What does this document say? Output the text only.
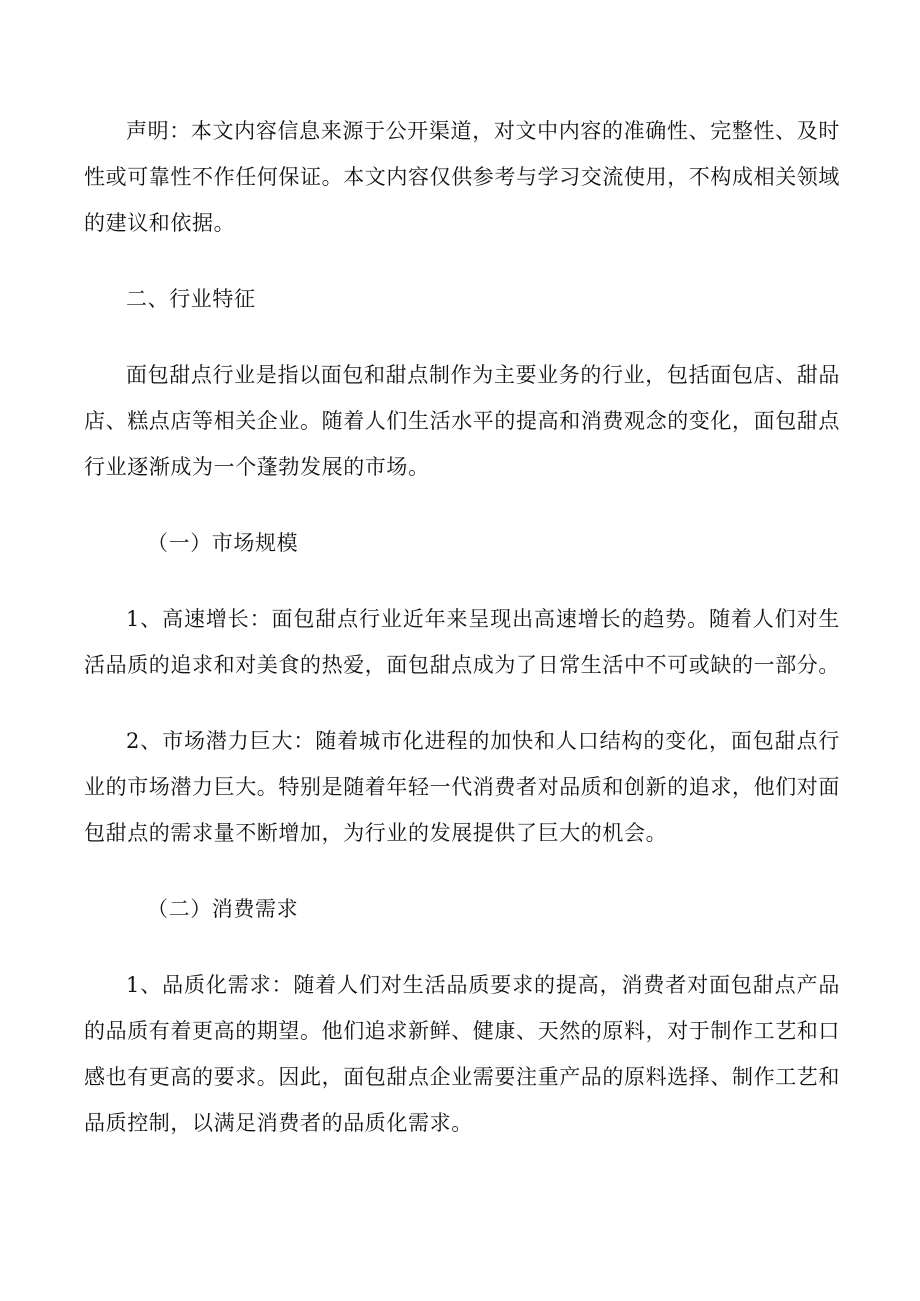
声明：本文内容信息来源于公开渠道，对文中内容的准确性、完整性、及时性或可靠性不作任何保证。本文内容仅供参考与学习交流使用，不构成相关领域的建议和依据。

二、行业特征

面包甜点行业是指以面包和甜点制作为主要业务的行业，包括面包店、甜品店、糕点店等相关企业。随着人们生活水平的提高和消费观念的变化，面包甜点行业逐渐成为一个蓬勃发展的市场。

（一）市场规模

1、高速增长：面包甜点行业近年来呈现出高速增长的趋势。随着人们对生活品质的追求和对美食的热爱，面包甜点成为了日常生活中不可或缺的一部分。

2、市场潜力巨大：随着城市化进程的加快和人口结构的变化，面包甜点行业的市场潜力巨大。特别是随着年轻一代消费者对品质和创新的追求，他们对面包甜点的需求量不断增加，为行业的发展提供了巨大的机会。

（二）消费需求

1、品质化需求：随着人们对生活品质要求的提高，消费者对面包甜点产品的品质有着更高的期望。他们追求新鲜、健康、天然的原料，对于制作工艺和口感也有更高的要求。因此，面包甜点企业需要注重产品的原料选择、制作工艺和品质控制，以满足消费者的品质化需求。
